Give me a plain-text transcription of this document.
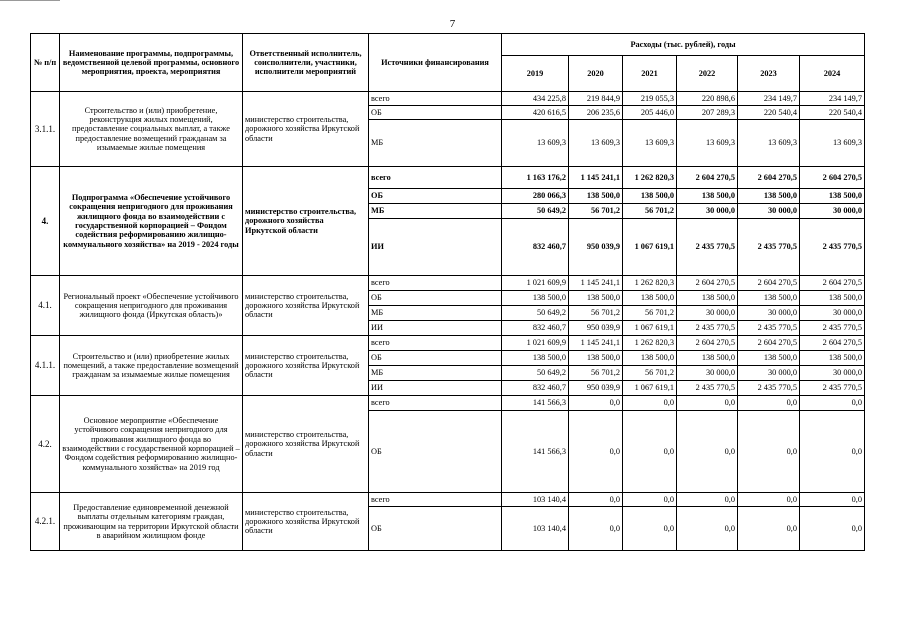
7
№ п/п	Наименование программы, подпрограммы, ведомственной целевой программы, основного мероприятия, проекта, мероприятия	Ответственный исполнитель, соисполнители, участники, исполнители мероприятий	Источники финансирования	Расходы (тыс. рублей), годы					
				2019	2020	2021	2022	2023	2024
3.1.1.	Строительство и (или) приобретение, реконструкция жилых помещений, предоставление социальных выплат, а также предоставление возмещений гражданам за изымаемые жилые помещения	министерство строительства, дорожного хозяйства Иркутской области	всего	434 225,8	219 844,9	219 055,3	220 898,6	234 149,7	234 149,7
			ОБ	420 616,5	206 235,6	205 446,0	207 289,3	220 540,4	220 540,4
			МБ	13 609,3	13 609,3	13 609,3	13 609,3	13 609,3	13 609,3
4.	Подпрограмма «Обеспечение устойчивого сокращения непригодного для проживания жилищного фонда во взаимодействии с государственной корпорацией – Фондом содействия реформированию жилищно-коммунального хозяйства» на 2019 - 2024 годы	министерство строительства, дорожного хозяйства Иркутской области	всего	1 163 176,2	1 145 241,1	1 262 820,3	2 604 270,5	2 604 270,5	2 604 270,5
			ОБ	280 066,3	138 500,0	138 500,0	138 500,0	138 500,0	138 500,0
			МБ	50 649,2	56 701,2	56 701,2	30 000,0	30 000,0	30 000,0
			ИИ	832 460,7	950 039,9	1 067 619,1	2 435 770,5	2 435 770,5	2 435 770,5
4.1.	Региональный проект «Обеспечение устойчивого сокращения непригодного для проживания жилищного фонда (Иркутская область)»	министерство строительства, дорожного хозяйства Иркутской области	всего	1 021 609,9	1 145 241,1	1 262 820,3	2 604 270,5	2 604 270,5	2 604 270,5
			ОБ	138 500,0	138 500,0	138 500,0	138 500,0	138 500,0	138 500,0
			МБ	50 649,2	56 701,2	56 701,2	30 000,0	30 000,0	30 000,0
			ИИ	832 460,7	950 039,9	1 067 619,1	2 435 770,5	2 435 770,5	2 435 770,5
4.1.1.	Строительство и (или) приобретение жилых помещений, а также предоставление возмещений гражданам за изымаемые жилые помещения	министерство строительства, дорожного хозяйства Иркутской области	всего	1 021 609,9	1 145 241,1	1 262 820,3	2 604 270,5	2 604 270,5	2 604 270,5
			ОБ	138 500,0	138 500,0	138 500,0	138 500,0	138 500,0	138 500,0
			МБ	50 649,2	56 701,2	56 701,2	30 000,0	30 000,0	30 000,0
			ИИ	832 460,7	950 039,9	1 067 619,1	2 435 770,5	2 435 770,5	2 435 770,5
4.2.	Основное мероприятие «Обеспечение устойчивого сокращения непригодного для проживания жилищного фонда во взаимодействии с государственной корпорацией – Фондом содействия реформированию жилищно-коммунального хозяйства» на 2019 год	министерство строительства, дорожного хозяйства Иркутской области	всего	141 566,3	0,0	0,0	0,0	0,0	0,0
			ОБ	141 566,3	0,0	0,0	0,0	0,0	0,0
4.2.1.	Предоставление единовременной денежной выплаты отдельным категориям граждан, проживающим на территории Иркутской области в аварийном жилищном фонде	министерство строительства, дорожного хозяйства Иркутской области	всего	103 140,4	0,0	0,0	0,0	0,0	0,0
			ОБ	103 140,4	0,0	0,0	0,0	0,0	0,0
